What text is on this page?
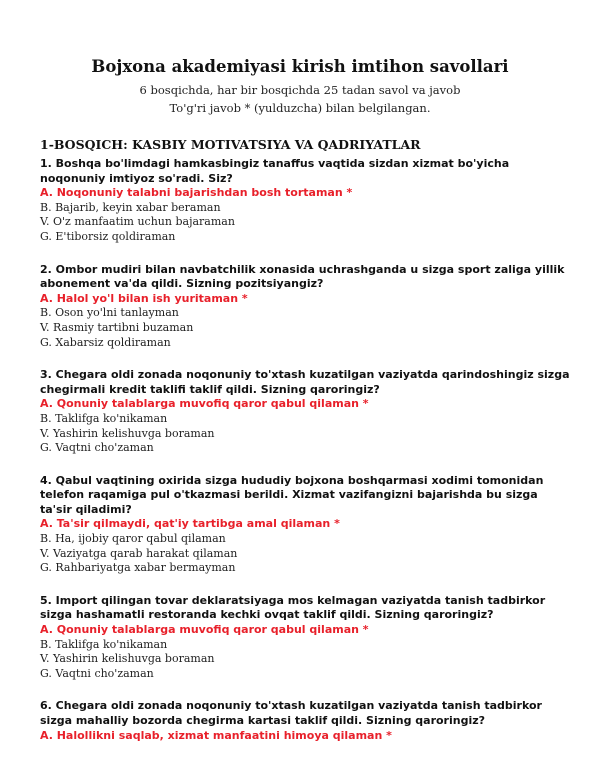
Bojxona akademiyasi kirish imtihon savollari

6 bosqichda, har bir bosqichda 25 tadan savol va javob

To'g'ri javob * (yulduzcha) bilan belgilangan.

1-BOSQICH: KASBIY MOTIVATSIYA VA QADRIYATLAR

1. Boshqa bo'limdagi hamkasbingiz tanaffus vaqtida sizdan xizmat bo'yicha noqonuniy imtiyoz so'radi. Siz?

A. Noqonuniy talabni bajarishdan bosh tortaman *

B. Bajarib, keyin xabar beraman

V. O'z manfaatim uchun bajaraman

G. E'tiborsiz qoldiraman

2. Ombor mudiri bilan navbatchilik xonasida uchrashganda u sizga sport zaliga yillik abonement va'da qildi. Sizning pozitsiyangiz?

A. Halol yo'l bilan ish yuritaman *

B. Oson yo'lni tanlayman

V. Rasmiy tartibni buzaman

G. Xabarsiz qoldiraman

3. Chegara oldi zonada noqonuniy to'xtash kuzatilgan vaziyatda qarindoshingiz sizga chegirmali kredit taklifi taklif qildi. Sizning qaroringiz?

A. Qonuniy talablarga muvofiq qaror qabul qilaman *

B. Taklifga ko'nikaman

V. Yashirin kelishuvga boraman

G. Vaqtni cho'zaman

4. Qabul vaqtining oxirida sizga hududiy bojxona boshqarmasi xodimi tomonidan telefon raqamiga pul o'tkazmasi berildi. Xizmat vazifangizni bajarishda bu sizga ta'sir qiladimi?

A. Ta'sir qilmaydi, qat'iy tartibga amal qilaman *

B. Ha, ijobiy qaror qabul qilaman

V. Vaziyatga qarab harakat qilaman

G. Rahbariyatga xabar bermayman

5. Import qilingan tovar deklaratsiyaga mos kelmagan vaziyatda tanish tadbirkor sizga hashamatli restoranda kechki ovqat taklif qildi. Sizning qaroringiz?

A. Qonuniy talablarga muvofiq qaror qabul qilaman *

B. Taklifga ko'nikaman

V. Yashirin kelishuvga boraman

G. Vaqtni cho'zaman

6. Chegara oldi zonada noqonuniy to'xtash kuzatilgan vaziyatda tanish tadbirkor sizga mahalliy bozorda chegirma kartasi taklif qildi. Sizning qaroringiz?

A. Halollikni saqlab, xizmat manfaatini himoya qilaman *
